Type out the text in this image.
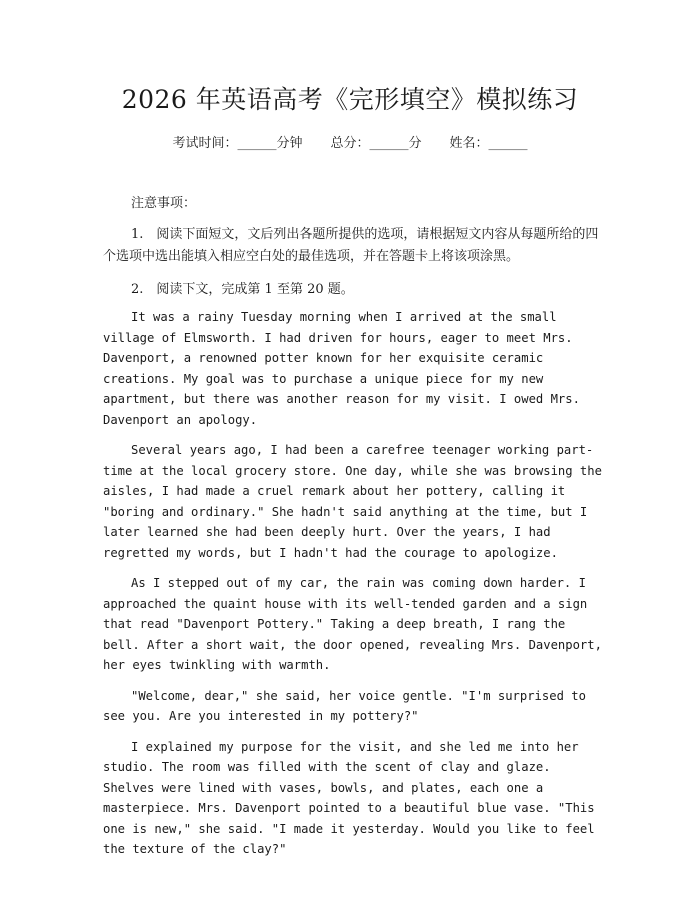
2026 年英语高考《完形填空》模拟练习
考试时间：______分钟 总分：______分 姓名：______
注意事项：

1.　阅读下面短文，文后列出各题所提供的选项，请根据短文内容从每题所给的四个选项中选出能填入相应空白处的最佳选项，并在答题卡上将该项涂黑。

2.　阅读下文，完成第 1 至第 20 题。

It was a rainy Tuesday morning when I arrived at the small village of Elmsworth. I had driven for hours, eager to meet Mrs. Davenport, a renowned potter known for her exquisite ceramic creations. My goal was to purchase a unique piece for my new apartment, but there was another reason for my visit. I owed Mrs. Davenport an apology.

Several years ago, I had been a carefree teenager working part-time at the local grocery store. One day, while she was browsing the aisles, I had made a cruel remark about her pottery, calling it "boring and ordinary." She hadn't said anything at the time, but I later learned she had been deeply hurt. Over the years, I had regretted my words, but I hadn't had the courage to apologize.

As I stepped out of my car, the rain was coming down harder. I approached the quaint house with its well-tended garden and a sign that read "Davenport Pottery." Taking a deep breath, I rang the bell. After a short wait, the door opened, revealing Mrs. Davenport, her eyes twinkling with warmth.

"Welcome, dear," she said, her voice gentle. "I'm surprised to see you. Are you interested in my pottery?"

I explained my purpose for the visit, and she led me into her studio. The room was filled with the scent of clay and glaze. Shelves were lined with vases, bowls, and plates, each one a masterpiece. Mrs. Davenport pointed to a beautiful blue vase. "This one is new," she said. "I made it yesterday. Would you like to feel the texture of the clay?"
